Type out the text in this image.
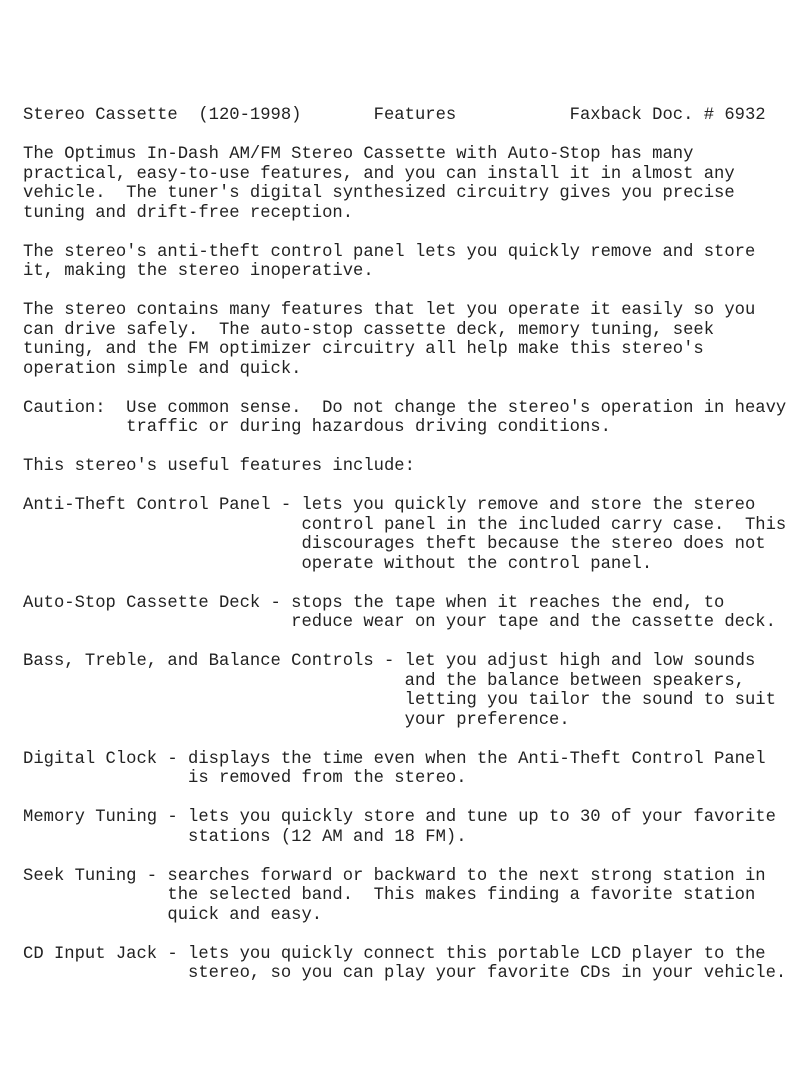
Stereo Cassette  (120-1998)       Features           Faxback Doc. # 6932
The Optimus In-Dash AM/FM Stereo Cassette with Auto-Stop has many
practical, easy-to-use features, and you can install it in almost any
vehicle.  The tuner's digital synthesized circuitry gives you precise
tuning and drift-free reception.
The stereo's anti-theft control panel lets you quickly remove and store
it, making the stereo inoperative.
The stereo contains many features that let you operate it easily so you
can drive safely.  The auto-stop cassette deck, memory tuning, seek
tuning, and the FM optimizer circuitry all help make this stereo's
operation simple and quick.
Caution:  Use common sense.  Do not change the stereo's operation in heavy
traffic or during hazardous driving conditions.
This stereo's useful features include:
Anti-Theft Control Panel - lets you quickly remove and store the stereo
control panel in the included carry case.  This
discourages theft because the stereo does not
operate without the control panel.
Auto-Stop Cassette Deck - stops the tape when it reaches the end, to
reduce wear on your tape and the cassette deck.
Bass, Treble, and Balance Controls - let you adjust high and low sounds
and the balance between speakers,
letting you tailor the sound to suit
your preference.
Digital Clock - displays the time even when the Anti-Theft Control Panel
is removed from the stereo.
Memory Tuning - lets you quickly store and tune up to 30 of your favorite
stations (12 AM and 18 FM).
Seek Tuning - searches forward or backward to the next strong station in
the selected band.  This makes finding a favorite station
quick and easy.
CD Input Jack - lets you quickly connect this portable LCD player to the
stereo, so you can play your favorite CDs in your vehicle.
